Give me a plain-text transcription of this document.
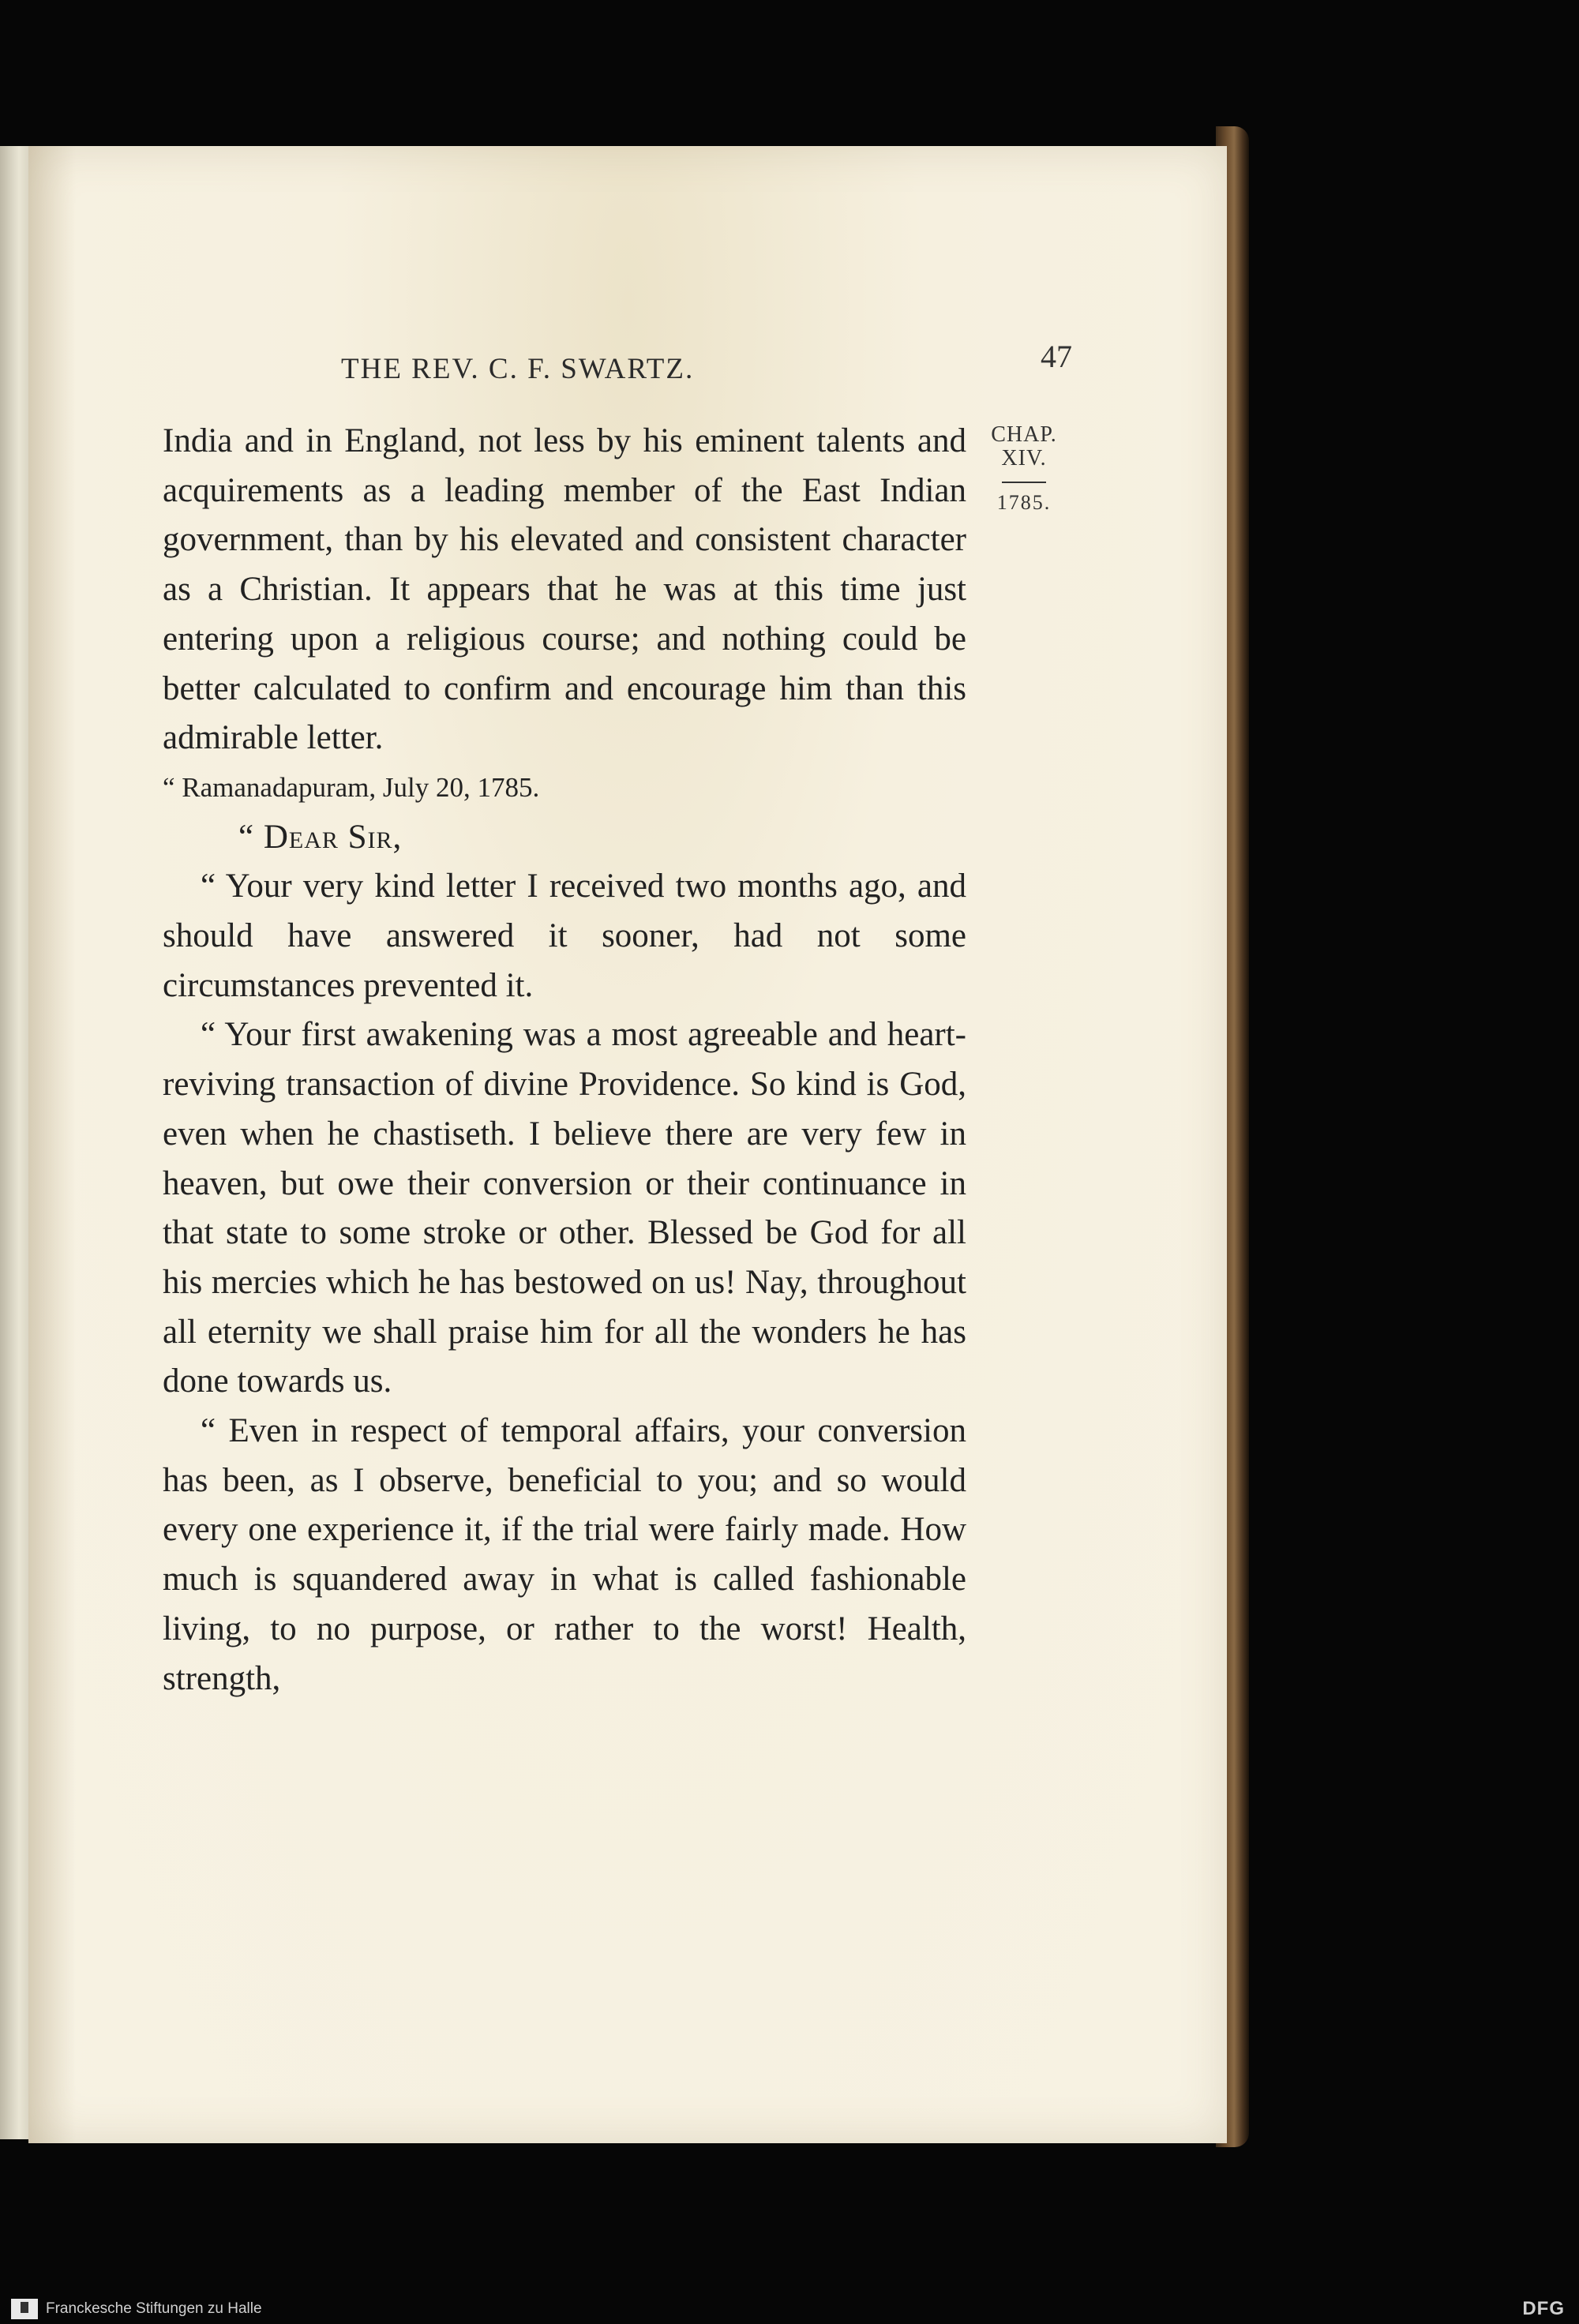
THE REV. C. F. SWARTZ.	47
CHAP.
XIV.
1785.

India and in England, not less by his eminent talents and acquirements as a leading member of the East Indian government, than by his elevated and consistent character as a Christian. It appears that he was at this time just entering upon a religious course; and nothing could be better calculated to confirm and encourage him than this admirable letter.

“ Ramanadapuram, July 20, 1785.

“ Dear Sir,

“ Your very kind letter I received two months ago, and should have answered it sooner, had not some circumstances prevented it.

“ Your first awakening was a most agreeable and heart-reviving transaction of divine Providence. So kind is God, even when he chastiseth. I believe there are very few in heaven, but owe their conversion or their continuance in that state to some stroke or other. Blessed be God for all his mercies which he has bestowed on us! Nay, throughout all eternity we shall praise him for all the wonders he has done towards us.

“ Even in respect of temporal affairs, your conversion has been, as I observe, beneficial to you; and so would every one experience it, if the trial were fairly made. How much is squandered away in what is called fashionable living, to no purpose, or rather to the worst! Health, strength,

Franckesche Stiftungen zu Halle	DFG
